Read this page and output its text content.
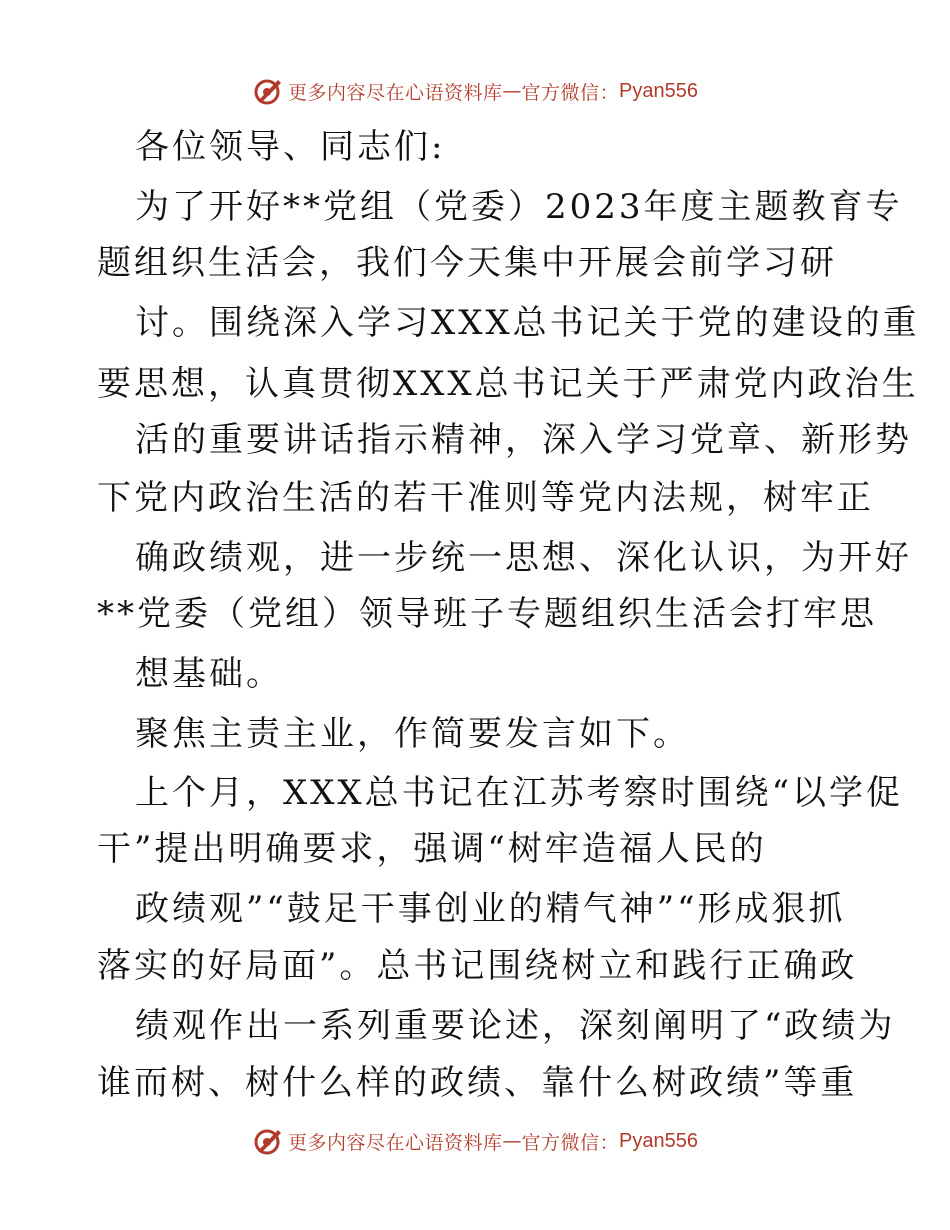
更多内容尽在心语资料库 — 官方微信： Pyan556
各位领导、同志们:
为了开好**党组（党委）2023年度主题教育专
题组织生活会，我们今天集中开展会前学习研
讨。围绕深入学习XXX总书记关于党的建设的重
要思想，认真贯彻XXX总书记关于严肃党内政治生
活的重要讲话指示精神，深入学习党章、新形势
下党内政治生活的若干准则等党内法规，树牢正
确政绩观，进一步统一思想、深化认识，为开好
**党委（党组）领导班子专题组织生活会打牢思
想基础。
聚焦主责主业，作简要发言如下。
上个月，XXX总书记在江苏考察时围绕“以学促
干”提出明确要求，强调“树牢造福人民的
政绩观”“鼓足干事创业的精气神”“形成狠抓
落实的好局面”。总书记围绕树立和践行正确政
绩观作出一系列重要论述，深刻阐明了“政绩为
谁而树、树什么样的政绩、靠什么树政绩”等重
更多内容尽在心语资料库 — 官方微信： Pyan556
